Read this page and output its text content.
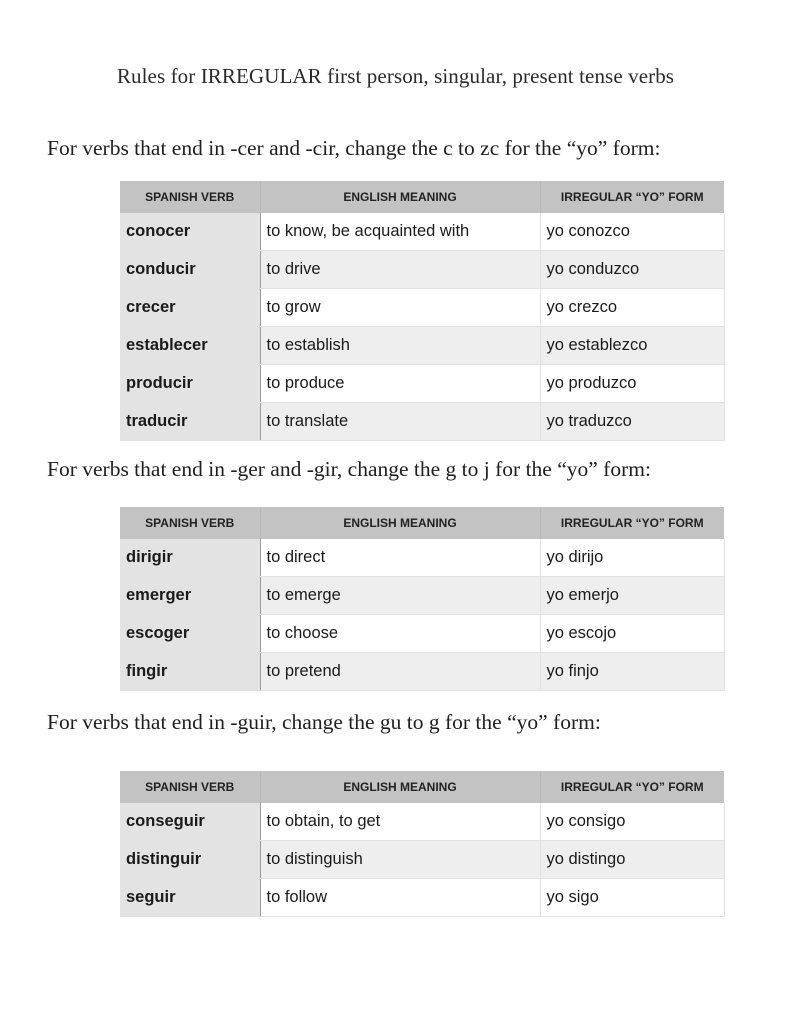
Rules for IRREGULAR first person, singular, present tense verbs
For verbs that end in -cer and -cir, change the c to zc for the “yo” form:
SPANISH VERB	ENGLISH MEANING	IRREGULAR “YO” FORM
conocer	to know, be acquainted with	yo conozco
conducir	to drive	yo conduzco
crecer	to grow	yo crezco
establecer	to establish	yo establezco
producir	to produce	yo produzco
traducir	to translate	yo traduzco
For verbs that end in -ger and -gir, change the g to j for the “yo” form:
SPANISH VERB	ENGLISH MEANING	IRREGULAR “YO” FORM
dirigir	to direct	yo dirijo
emerger	to emerge	yo emerjo
escoger	to choose	yo escojo
fingir	to pretend	yo finjo
For verbs that end in -guir, change the gu to g for the “yo” form:
SPANISH VERB	ENGLISH MEANING	IRREGULAR “YO” FORM
conseguir	to obtain, to get	yo consigo
distinguir	to distinguish	yo distingo
seguir	to follow	yo sigo
